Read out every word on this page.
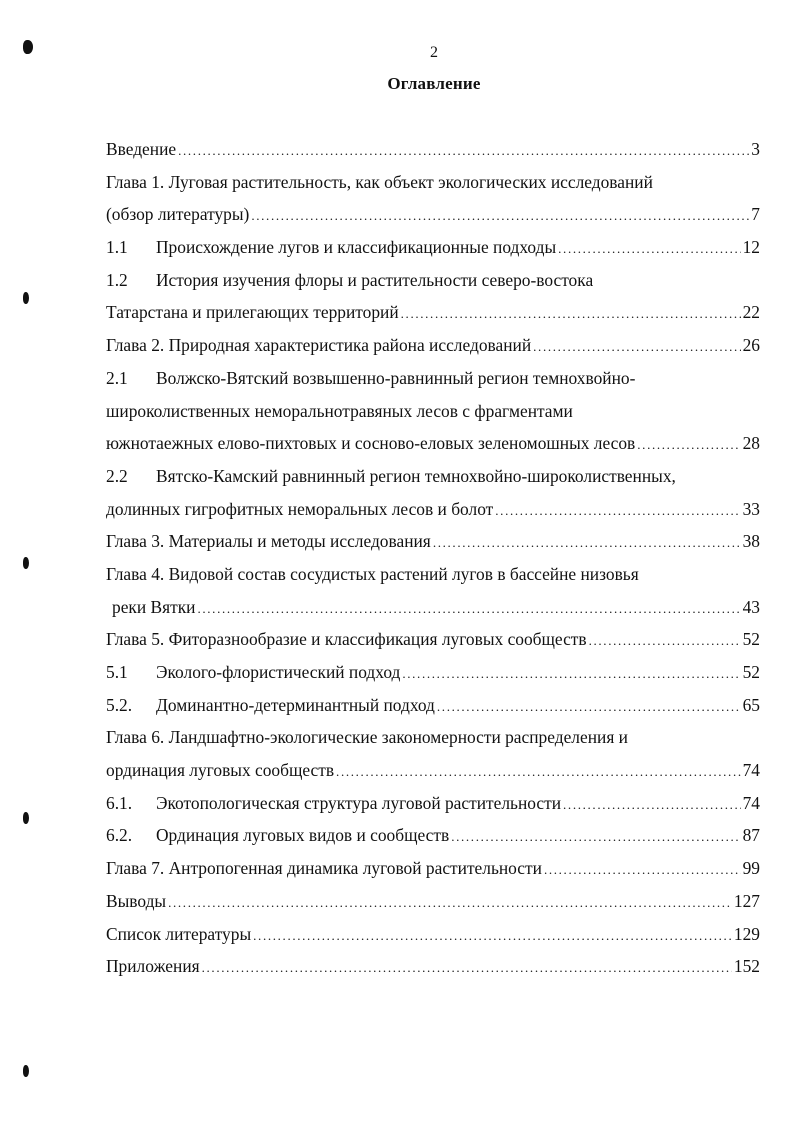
2
Оглавление
Введение . . .	3
Глава 1. Луговая растительность, как объект экологических исследований
(обзор литературы) . . .	7
1.1	Происхождение лугов и классификационные подходы . . .	12
1.2	История изучения флоры и растительности северо-востока
Татарстана и прилегающих территорий . . .	22
Глава 2. Природная характеристика района исследований . . .	26
2.1	Волжско-Вятский возвышенно-равнинный регион темнохвойно-
широколиственных неморальнотравяных лесов с фрагментами
южнотаежных елово-пихтовых и сосново-еловых зеленомошных лесов . . .	28
2.2	Вятско-Камский равнинный регион темнохвойно-широколиственных,
долинных гигрофитных неморальных лесов и болот . . .	33
Глава 3. Материалы и методы исследования . . .	38
Глава 4. Видовой состав сосудистых растений лугов в бассейне низовья
реки Вятки . . .	43
Глава 5. Фиторазнообразие и классификация луговых сообществ . . .	52
5.1	Эколого-флористический подход . . .	52
5.2.	Доминантно-детерминантный подход . . .	65
Глава 6. Ландшафтно-экологические закономерности распределения и
ординация луговых сообществ . . .	74
6.1.	Экотопологическая структура луговой растительности . . .	74
6.2.	Ординация луговых видов и сообществ . . .	87
Глава 7. Антропогенная динамика луговой растительности . . .	99
Выводы . . .	127
Список литературы . . .	129
Приложения . . .	152
